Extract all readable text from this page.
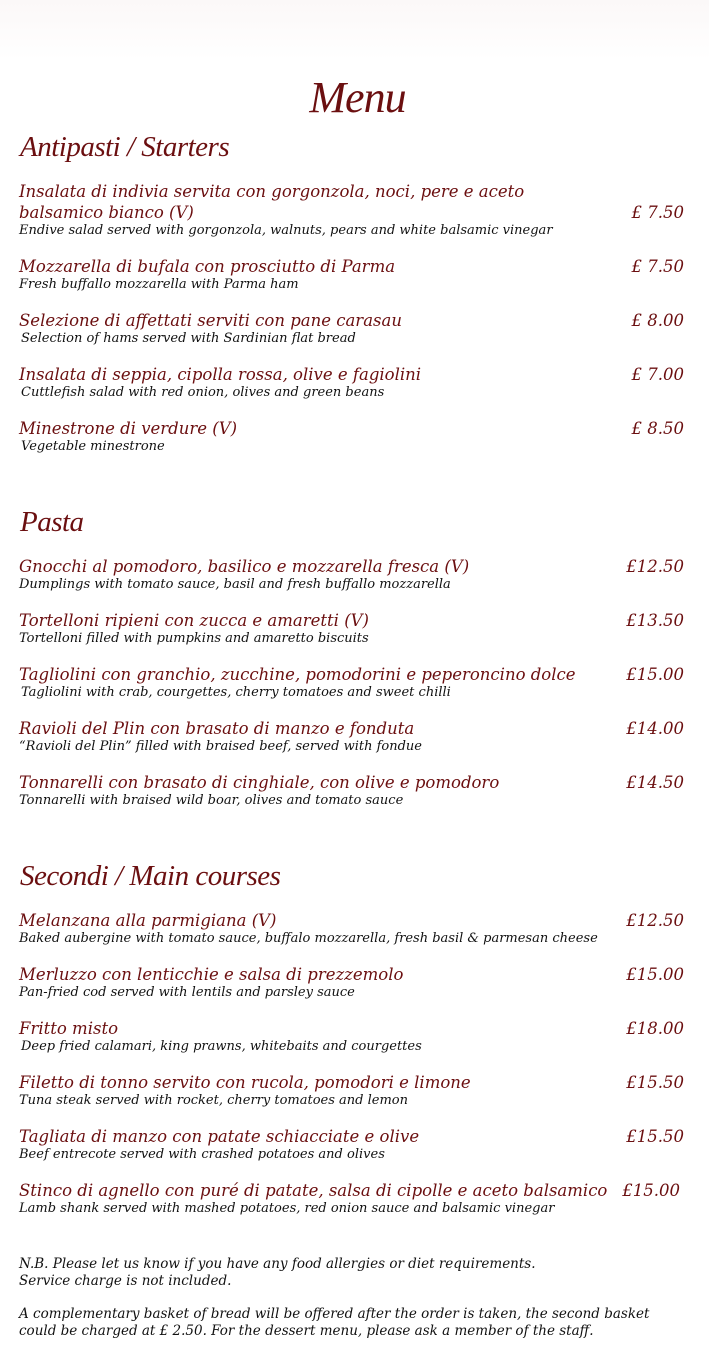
Menu
Antipasti / Starters
Insalata di indivia servita con gorgonzola, noci, pere e aceto balsamico bianco (V)
Endive salad served with gorgonzola, walnuts, pears and white balsamic vinegar
£ 7.50
Mozzarella di bufala con prosciutto di Parma
Fresh buffallo mozzarella with Parma ham
£ 7.50
Selezione di affettati serviti con pane carasau
Selection of hams served with Sardinian flat bread
£ 8.00
Insalata di seppia, cipolla rossa, olive e fagiolini
Cuttlefish salad with red onion, olives and green beans
£ 7.00
Minestrone di verdure (V)
Vegetable minestrone
£ 8.50
Pasta
Gnocchi al pomodoro, basilico e mozzarella fresca (V)
Dumplings with tomato sauce, basil and fresh buffallo mozzarella
£12.50
Tortelloni ripieni con zucca e amaretti (V)
Tortelloni filled with pumpkins and amaretto biscuits
£13.50
Tagliolini con granchio, zucchine, pomodorini e peperoncino dolce
Tagliolini with crab, courgettes, cherry tomatoes and sweet chilli
£15.00
Ravioli del Plin con brasato di manzo e fonduta
“Ravioli del Plin” filled with braised beef, served with fondue
£14.00
Tonnarelli con brasato di cinghiale, con olive e pomodoro
Tonnarelli with braised wild boar, olives and tomato sauce
£14.50
Secondi / Main courses
Melanzana alla parmigiana (V)
Baked aubergine with tomato sauce, buffalo mozzarella, fresh basil & parmesan cheese
£12.50
Merluzzo con lenticchie e salsa di prezzemolo
Pan-fried cod served with lentils and parsley sauce
£15.00
Fritto misto
Deep fried calamari, king prawns, whitebaits and courgettes
£18.00
Filetto di tonno servito con rucola, pomodori e limone
Tuna steak served with rocket, cherry tomatoes and lemon
£15.50
Tagliata di manzo con patate schiacciate e olive
Beef entrecote served with crashed potatoes and olives
£15.50
Stinco di agnello con puré di patate, salsa di cipolle e aceto balsamico
Lamb shank served with mashed potatoes, red onion sauce and balsamic vinegar
£15.00
N.B. Please let us know if you have any food allergies or diet requirements.
Service charge is not included.
A complementary basket of bread will be offered after the order is taken, the second basket could be charged at £ 2.50. For the dessert menu, please ask a member of the staff.
